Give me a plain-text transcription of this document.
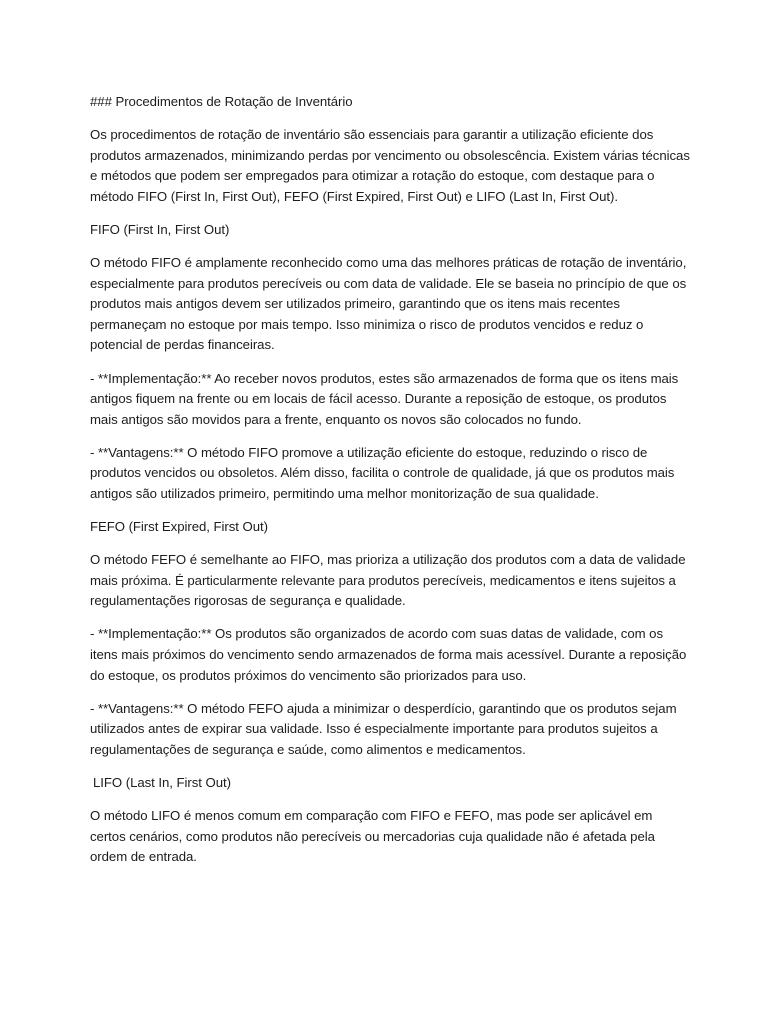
### Procedimentos de Rotação de Inventário

Os procedimentos de rotação de inventário são essenciais para garantir a utilização eficiente dos produtos armazenados, minimizando perdas por vencimento ou obsolescência. Existem várias técnicas e métodos que podem ser empregados para otimizar a rotação do estoque, com destaque para o método FIFO (First In, First Out), FEFO (First Expired, First Out) e LIFO (Last In, First Out).

FIFO (First In, First Out)

O método FIFO é amplamente reconhecido como uma das melhores práticas de rotação de inventário, especialmente para produtos perecíveis ou com data de validade. Ele se baseia no princípio de que os produtos mais antigos devem ser utilizados primeiro, garantindo que os itens mais recentes permaneçam no estoque por mais tempo. Isso minimiza o risco de produtos vencidos e reduz o potencial de perdas financeiras.

- **Implementação:** Ao receber novos produtos, estes são armazenados de forma que os itens mais antigos fiquem na frente ou em locais de fácil acesso. Durante a reposição de estoque, os produtos mais antigos são movidos para a frente, enquanto os novos são colocados no fundo.

- **Vantagens:** O método FIFO promove a utilização eficiente do estoque, reduzindo o risco de produtos vencidos ou obsoletos. Além disso, facilita o controle de qualidade, já que os produtos mais antigos são utilizados primeiro, permitindo uma melhor monitorização de sua qualidade.

FEFO (First Expired, First Out)

O método FEFO é semelhante ao FIFO, mas prioriza a utilização dos produtos com a data de validade mais próxima. É particularmente relevante para produtos perecíveis, medicamentos e itens sujeitos a regulamentações rigorosas de segurança e qualidade.

- **Implementação:** Os produtos são organizados de acordo com suas datas de validade, com os itens mais próximos do vencimento sendo armazenados de forma mais acessível. Durante a reposição do estoque, os produtos próximos do vencimento são priorizados para uso.

- **Vantagens:** O método FEFO ajuda a minimizar o desperdício, garantindo que os produtos sejam utilizados antes de expirar sua validade. Isso é especialmente importante para produtos sujeitos a regulamentações de segurança e saúde, como alimentos e medicamentos.

LIFO (Last In, First Out)

O método LIFO é menos comum em comparação com FIFO e FEFO, mas pode ser aplicável em certos cenários, como produtos não perecíveis ou mercadorias cuja qualidade não é afetada pela ordem de entrada.
